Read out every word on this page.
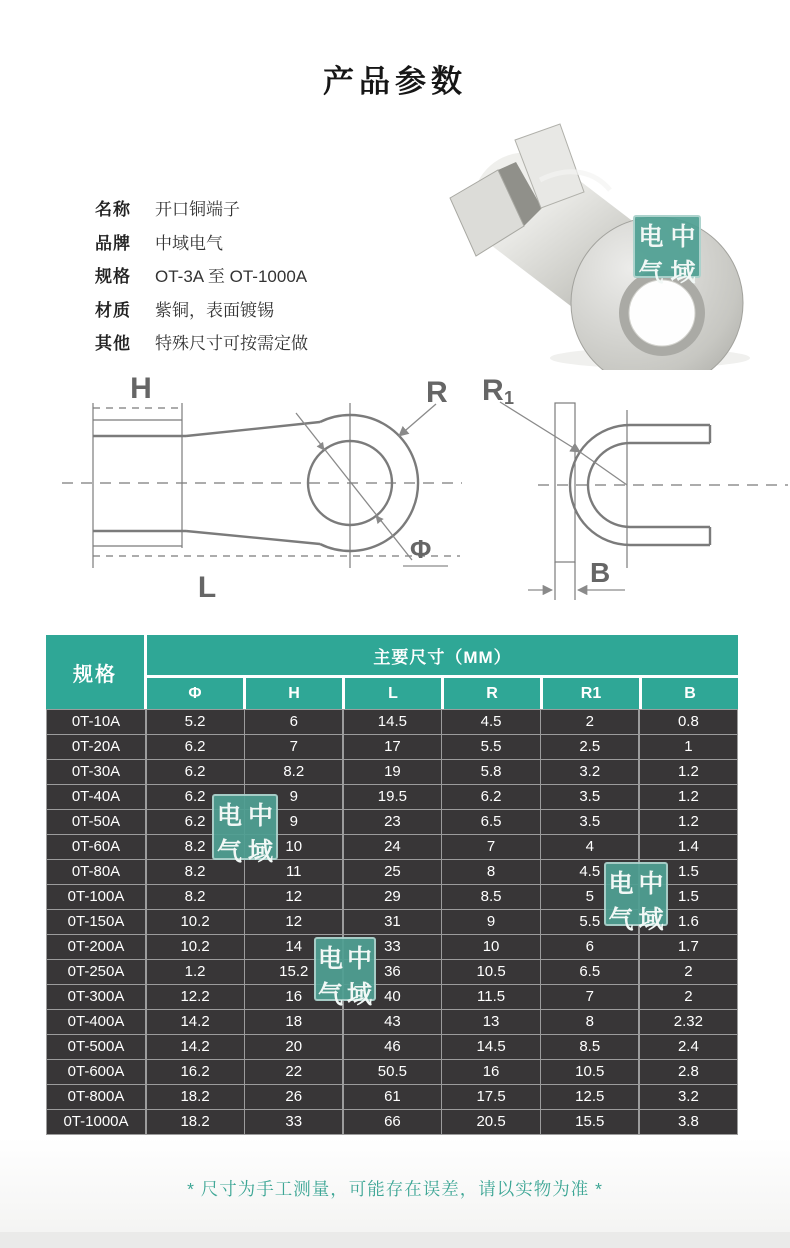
产品参数
名称	开口铜端子
品牌	中域电气
规格	OT-3A 至 OT-1000A
材质	紫铜，表面镀锡
其他	特殊尺寸可按需定做
H	R
L
Φ
R 1
B
规格
主要尺寸（MM）
Φ	H	L	R	R1	B
0T-10A	5.2	6	14.5	4.5	2	0.8
0T-20A	6.2	7	17	5.5	2.5	1
0T-30A	6.2	8.2	19	5.8	3.2	1.2
0T-40A	6.2	9	19.5	6.2	3.5	1.2
0T-50A	6.2	9	23	6.5	3.5	1.2
0T-60A	8.2	10	24	7	4	1.4
0T-80A	8.2	11	25	8	4.5	1.5
0T-100A	8.2	12	29	8.5	5	1.5
0T-150A	10.2	12	31	9	5.5	1.6
0T-200A	10.2	14	33	10	6	1.7
0T-250A	1.2	15.2	36	10.5	6.5	2
0T-300A	12.2	16	40	11.5	7	2
0T-400A	14.2	18	43	13	8	2.32
0T-500A	14.2	20	46	14.5	8.5	2.4
0T-600A	16.2	22	50.5	16	10.5	2.8
0T-800A	18.2	26	61	17.5	12.5	3.2
0T-1000A	18.2	33	66	20.5	15.5	3.8
电 中
气 域
电 中
气 域
电 中
气 域
电 中
气 域
* 尺寸为手工测量，可能存在误差，请以实物为准 *
